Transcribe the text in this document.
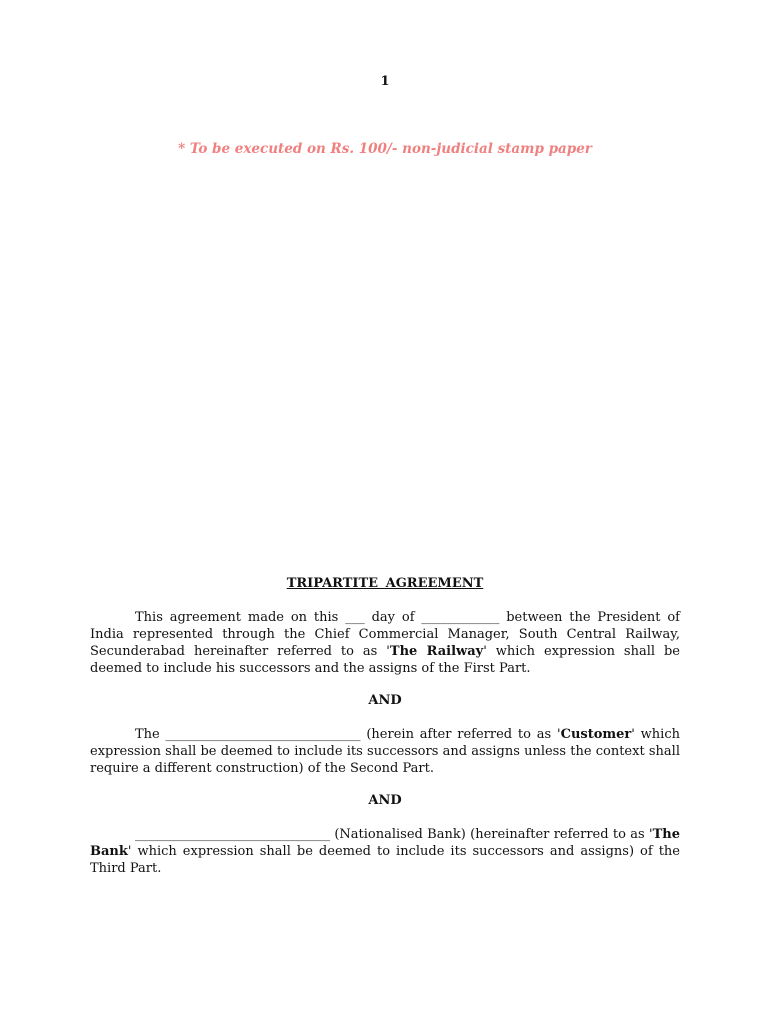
1
* To be executed on Rs. 100/- non-judicial stamp paper
TRIPARTITE AGREEMENT
This agreement made on this ___ day of ____________ between the President of India represented through the Chief Commercial Manager, South Central Railway, Secunderabad hereinafter referred to as 'The Railway' which expression shall be deemed to include his successors and the assigns of the First Part.
AND
The ______________________________ (herein after referred to as 'Customer' which expression shall be deemed to include its successors and assigns unless the context shall require a different construction) of the Second Part.
AND
______________________________ (Nationalised Bank) (hereinafter referred to as 'The Bank' which expression shall be deemed to include its successors and assigns) of the Third Part.
